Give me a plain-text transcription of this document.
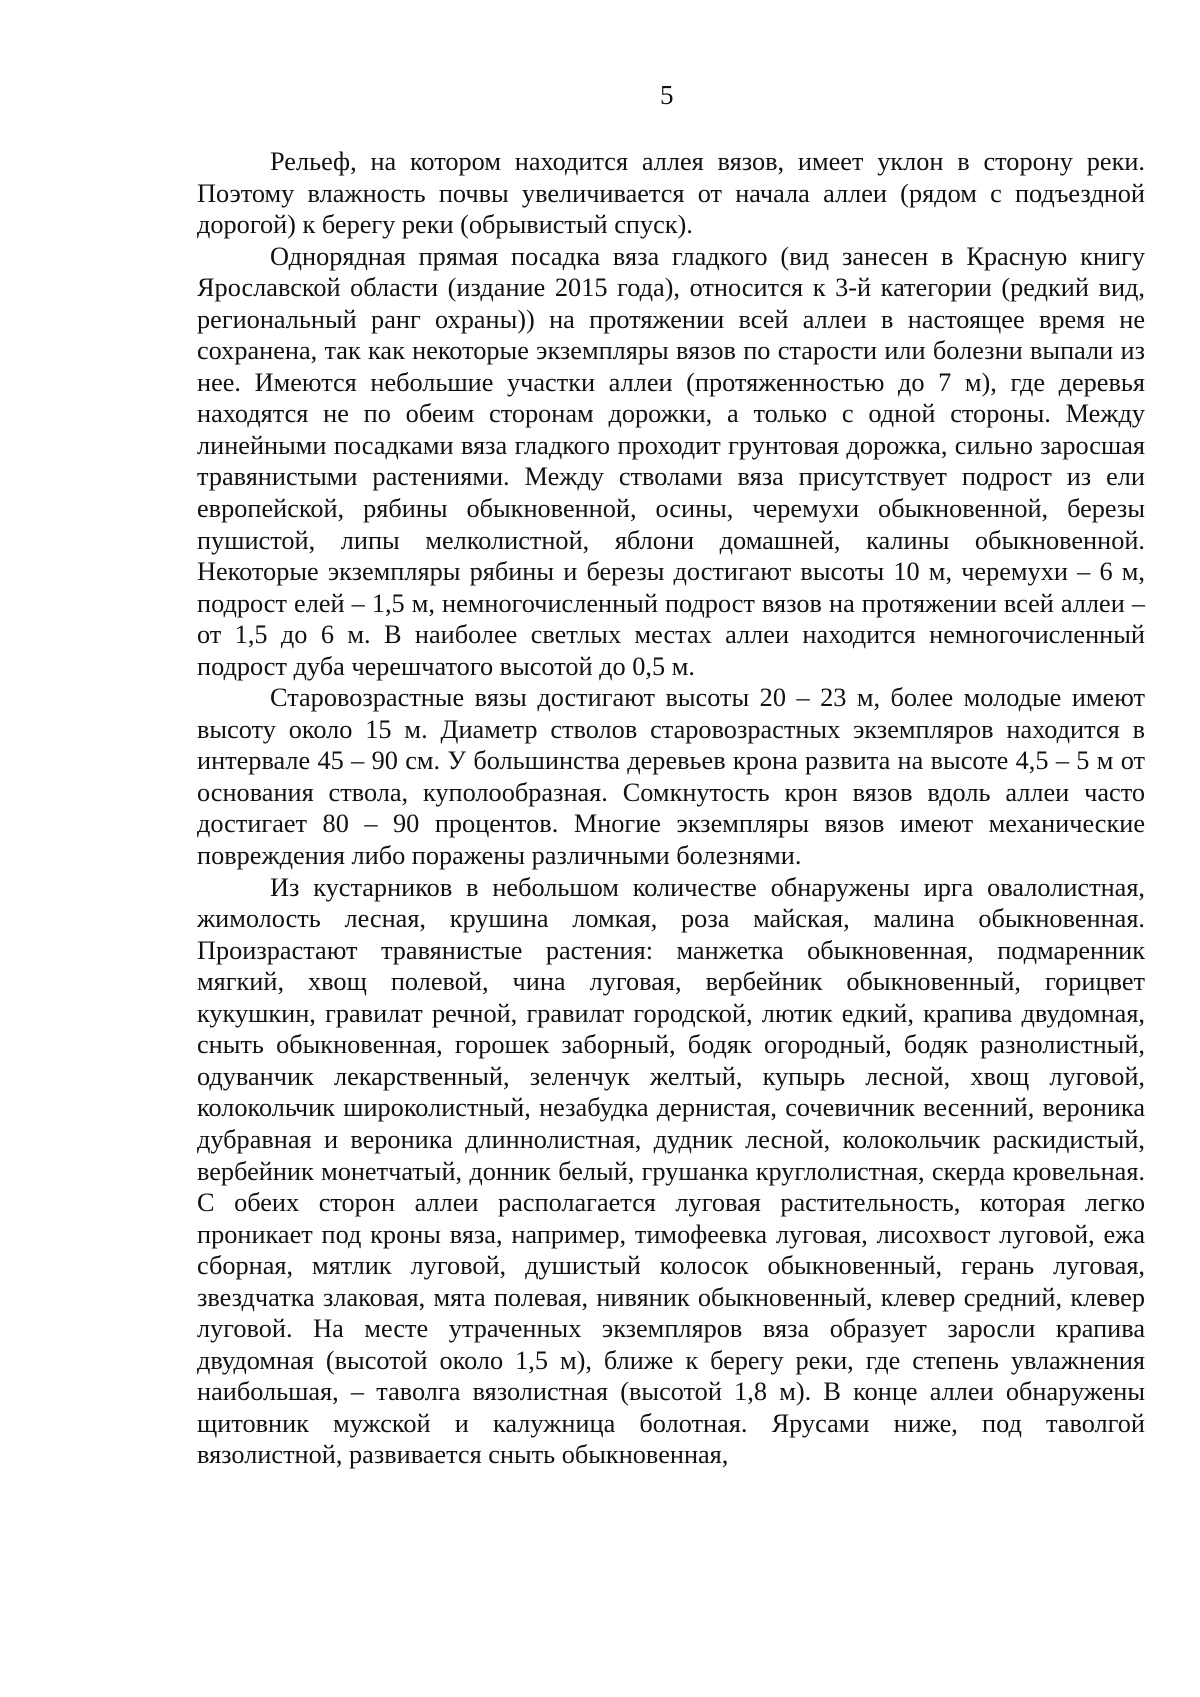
5

Рельеф, на котором находится аллея вязов, имеет уклон в сторону реки. Поэтому влажность почвы увеличивается от начала аллеи (рядом с подъездной дорогой) к берегу реки (обрывистый спуск).

Однорядная прямая посадка вяза гладкого (вид занесен в Красную книгу Ярославской области (издание 2015 года), относится к 3-й категории (редкий вид, региональный ранг охраны)) на протяжении всей аллеи в настоящее время не сохранена, так как некоторые экземпляры вязов по старости или болезни выпали из нее. Имеются небольшие участки аллеи (протяженностью до 7 м), где деревья находятся не по обеим сторонам дорожки, а только с одной стороны. Между линейными посадками вяза гладкого проходит грунтовая дорожка, сильно заросшая травянистыми растениями. Между стволами вяза присутствует подрост из ели европейской, рябины обыкновенной, осины, черемухи обыкновенной, березы пушистой, липы мелколистной, яблони домашней, калины обыкновенной. Некоторые экземпляры рябины и березы достигают высоты 10 м, черемухи – 6 м, подрост елей – 1,5 м, немногочисленный подрост вязов на протяжении всей аллеи – от 1,5 до 6 м. В наиболее светлых местах аллеи находится немногочисленный подрост дуба черешчатого высотой до 0,5 м.

Старовозрастные вязы достигают высоты 20 – 23 м, более молодые имеют высоту около 15 м. Диаметр стволов старовозрастных экземпляров находится в интервале 45 – 90 см. У большинства деревьев крона развита на высоте 4,5 – 5 м от основания ствола, куполообразная. Сомкнутость крон вязов вдоль аллеи часто достигает 80 – 90 процентов. Многие экземпляры вязов имеют механические повреждения либо поражены различными болезнями.

Из кустарников в небольшом количестве обнаружены ирга овалолистная, жимолость лесная, крушина ломкая, роза майская, малина обыкновенная. Произрастают травянистые растения: манжетка обыкновенная, подмаренник мягкий, хвощ полевой, чина луговая, вербейник обыкновенный, горицвет кукушкин, гравилат речной, гравилат городской, лютик едкий, крапива двудомная, сныть обыкновенная, горошек заборный, бодяк огородный, бодяк разнолистный, одуванчик лекарственный, зеленчук желтый, купырь лесной, хвощ луговой, колокольчик широколистный, незабудка дернистая, сочевичник весенний, вероника дубравная и вероника длиннолистная, дудник лесной, колокольчик раскидистый, вербейник монетчатый, донник белый, грушанка круглолистная, скерда кровельная. С обеих сторон аллеи располагается луговая растительность, которая легко проникает под кроны вяза, например, тимофеевка луговая, лисохвост луговой, ежа сборная, мятлик луговой, душистый колосок обыкновенный, герань луговая, звездчатка злаковая, мята полевая, нивяник обыкновенный, клевер средний, клевер луговой. На месте утраченных экземпляров вяза образует заросли крапива двудомная (высотой около 1,5 м), ближе к берегу реки, где степень увлажнения наибольшая, – таволга вязолистная (высотой 1,8 м). В конце аллеи обнаружены щитовник мужской и калужница болотная. Ярусами ниже, под таволгой вязолистной, развивается сныть обыкновенная,
